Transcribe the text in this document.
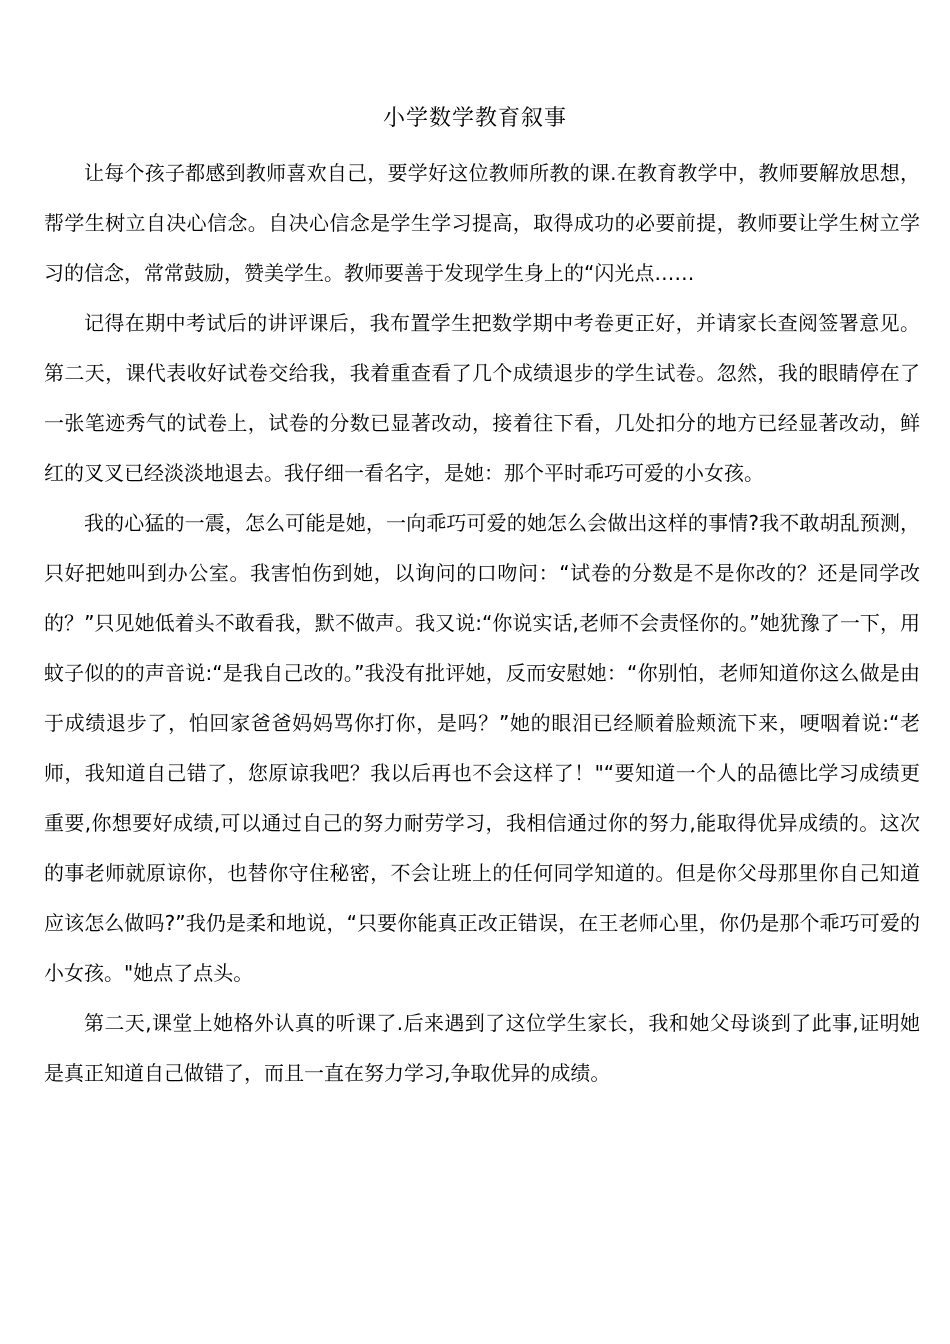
小学数学教育叙事

让每个孩子都感到教师喜欢自己，要学好这位教师所教的课.在教育教学中，教师要解放思想，帮学生树立自决心信念。自决心信念是学生学习提高，取得成功的必要前提，教师要让学生树立学习的信念，常常鼓励，赞美学生。教师要善于发现学生身上的“闪光点……

记得在期中考试后的讲评课后，我布置学生把数学期中考卷更正好，并请家长查阅签署意见。第二天，课代表收好试卷交给我，我着重查看了几个成绩退步的学生试卷。忽然，我的眼睛停在了一张笔迹秀气的试卷上，试卷的分数已显著改动，接着往下看，几处扣分的地方已经显著改动，鲜红的叉叉已经淡淡地退去。我仔细一看名字，是她：那个平时乖巧可爱的小女孩。

我的心猛的一震，怎么可能是她，一向乖巧可爱的她怎么会做出这样的事情?我不敢胡乱预测，只好把她叫到办公室。我害怕伤到她，以询问的口吻问：“试卷的分数是不是你改的？还是同学改的？”只见她低着头不敢看我，默不做声。我又说:“你说实话,老师不会责怪你的。”她犹豫了一下，用蚊子似的的声音说:“是我自己改的。”我没有批评她，反而安慰她：“你别怕，老师知道你这么做是由于成绩退步了，怕回家爸爸妈妈骂你打你，是吗？”她的眼泪已经顺着脸颊流下来，哽咽着说:“老师，我知道自己错了，您原谅我吧？我以后再也不会这样了！"“要知道一个人的品德比学习成绩更重要,你想要好成绩,可以通过自己的努力耐劳学习，我相信通过你的努力,能取得优异成绩的。这次的事老师就原谅你，也替你守住秘密，不会让班上的任何同学知道的。但是你父母那里你自己知道应该怎么做吗?”我仍是柔和地说，“只要你能真正改正错误，在王老师心里，你仍是那个乖巧可爱的小女孩。"她点了点头。

第二天,课堂上她格外认真的听课了.后来遇到了这位学生家长，我和她父母谈到了此事,证明她是真正知道自己做错了，而且一直在努力学习,争取优异的成绩。
